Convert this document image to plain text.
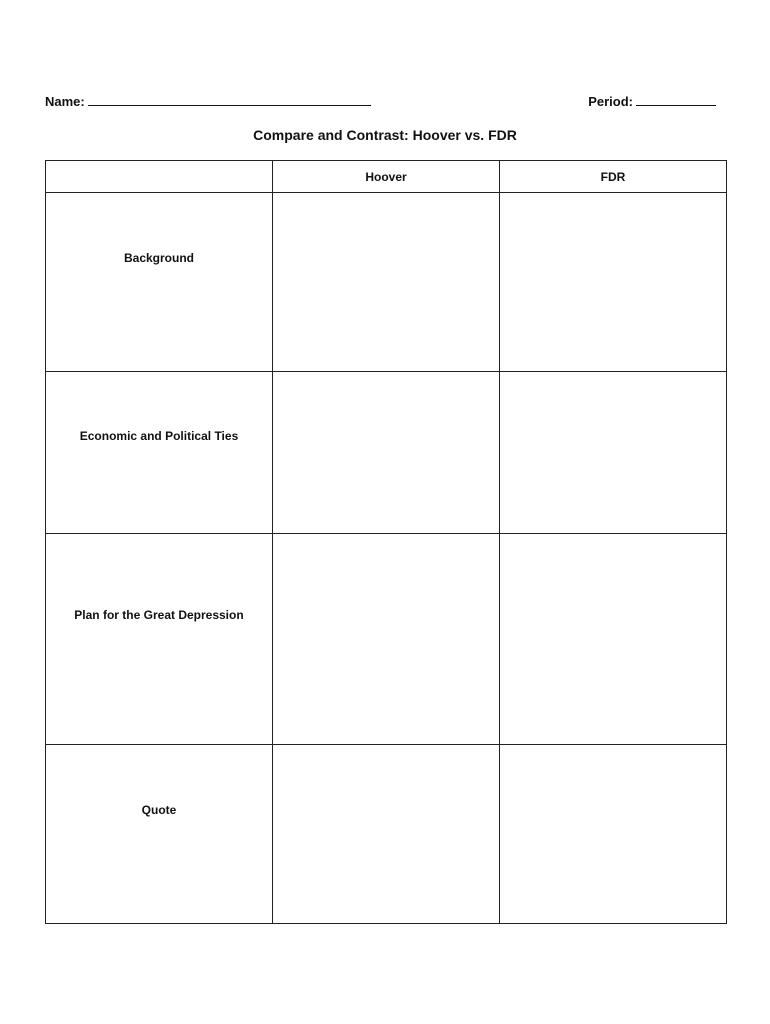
Name:	Period:
Compare and Contrast: Hoover vs. FDR
	Hoover	FDR

Background		

Economic and Political Ties		

Plan for the Great Depression		

Quote		
